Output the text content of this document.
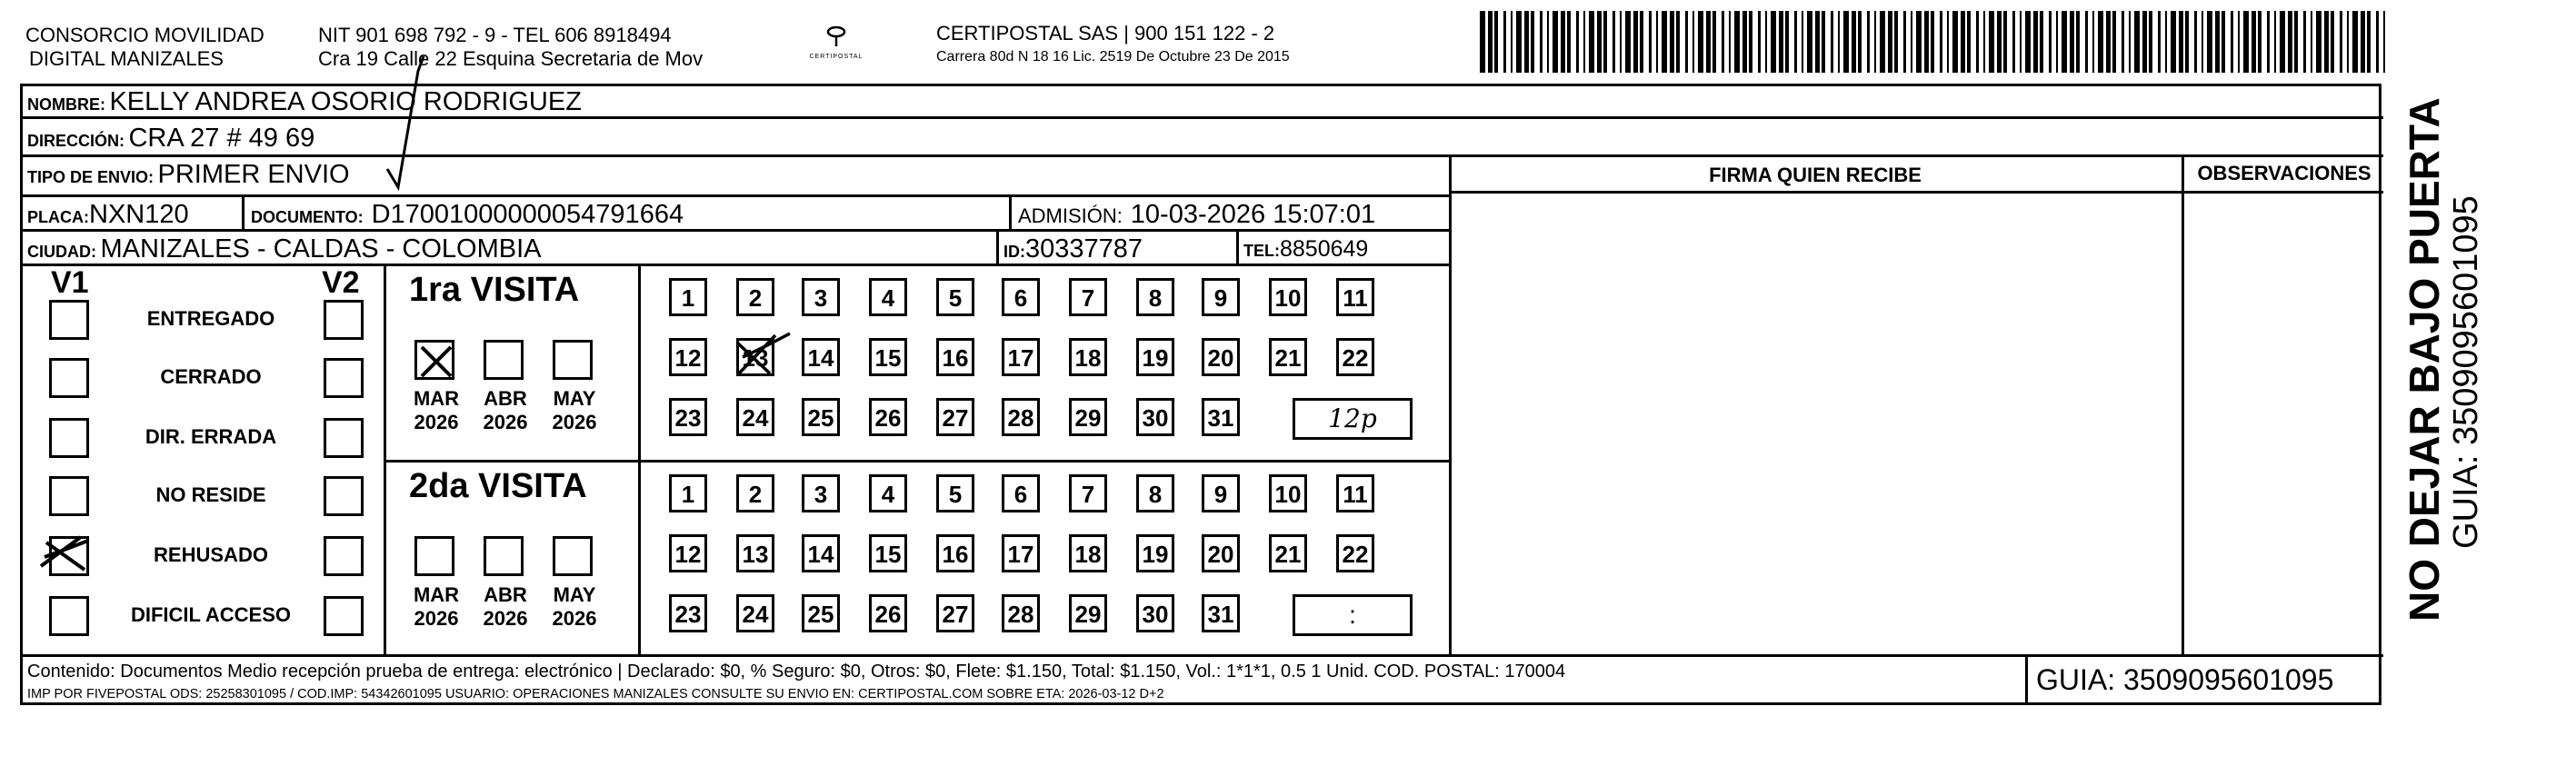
CONSORCIO MOVILIDAD
DIGITAL MANIZALES
NIT 901 698 792 - 9 - TEL 606 8918494
Cra 19 Calle 22 Esquina Secretaria de Mov	CERTIPOSTAL
CERTIPOSTAL SAS | 900 151 122 - 2
Carrera 80d N 18 16 Lic. 2519 De Octubre 23 De 2015
NOMBRE: KELLY ANDREA OSORIO RODRIGUEZ
DIRECCIÓN: CRA 27 # 49 69
TIPO DE ENVIO: PRIMER ENVIO
PLACA:NXN120	DOCUMENTO: D17001000000054791664	ADMISIÓN: 10-03-2026 15:07:01
CIUDAD: MANIZALES - CALDAS - COLOMBIA	ID:30337787	TEL:8850649
FIRMA QUIEN RECIBE	OBSERVACIONES
V1	V2
ENTREGADO
CERRADO
DIR. ERRADA
NO RESIDE
REHUSADO
DIFICIL ACCESO
1ra VISITA
MAR
2026
ABR
2026
MAY
2026
1	2	3	4	5	6	7	8	9	10 11
12 13 14 15 16 17 18 19 20 21 22
23 24 25 26 27 28 29 30 31	12p
2da VISITA
MAR
2026
ABR
2026
MAY
2026
1	2	3	4	5	6	7	8	9	10 11
12 13 14 15 16 17 18 19 20 21 22
23 24 25 26 27 28 29 30 31	:
Contenido: Documentos Medio recepción prueba de entrega: electrónico | Declarado: $0, % Seguro: $0, Otros: $0, Flete: $1.150, Total: $1.150, Vol.: 1*1*1, 0.5 1 Unid. COD. POSTAL: 170004
IMP POR FIVEPOSTAL ODS: 25258301095 / COD.IMP: 54342601095 USUARIO: OPERACIONES MANIZALES CONSULTE SU ENVIO EN: CERTIPOSTAL.COM SOBRE ETA: 2026-03-12 D+2	GUIA: 3509095601095
NO DEJAR BAJO PUERTA GUIA: 3509095601095
